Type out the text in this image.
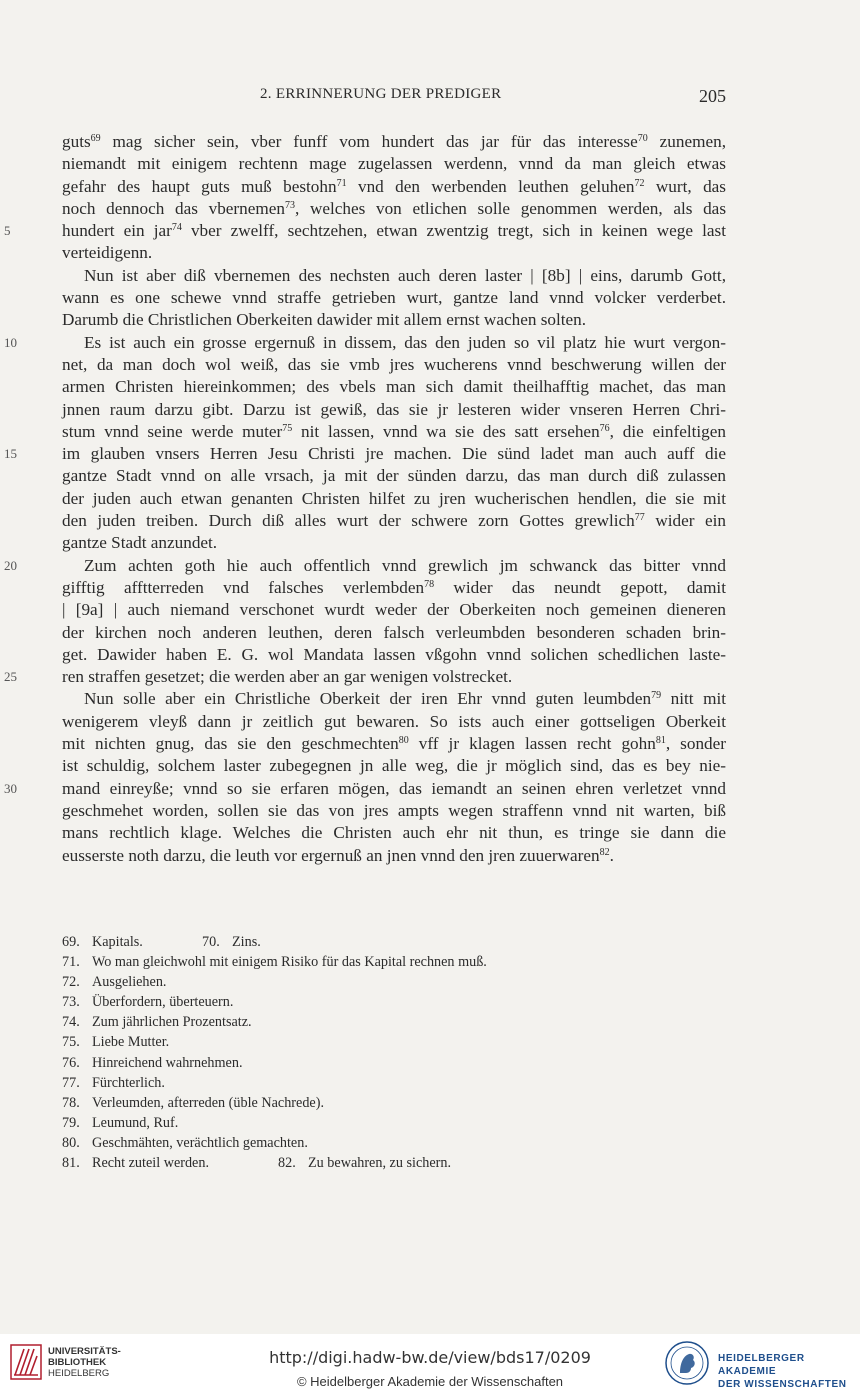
2. ERRINNERUNG DER PREDIGER	205
guts$^{69}$ mag sicher sein, vber funff vom hundert das jar für das interesse$^{70}$ zunemen,
niemandt mit einigem rechtenn mage zugelassen werdenn, vnnd da man gleich etwas
gefahr des haupt guts muß bestohn$^{71}$ vnd den werbenden leuthen geluhen$^{72}$ wurt, das
noch dennoch das vbernemen$^{73}$, welches von etlichen solle genommen werden, als das
5	hundert ein jar$^{74}$ vber zwelff, sechtzehen, etwan zwentzig tregt, sich in keinen wege last
verteidigenn.
Nun ist aber diß vbernemen des nechsten auch deren laster | [8b] | eins, darumb Gott,
wann es one schewe vnnd straffe getrieben wurt, gantze land vnnd volcker verderbet.
Darumb die Christlichen Oberkeiten dawider mit allem ernst wachen solten.
10	Es ist auch ein grosse ergernuß in dissem, das den juden so vil platz hie wurt vergon-
net, da man doch wol weiß, das sie vmb jres wucherens vnnd beschwerung willen der
armen Christen hiereinkommen; des vbels man sich damit theilhafftig machet, das man
jnnen raum darzu gibt. Darzu ist gewiß, das sie jr lesteren wider vnseren Herren Chri-
stum vnnd seine werde muter$^{75}$ nit lassen, vnnd wa sie des satt ersehen$^{76}$, die einfeltigen
15	im glauben vnsers Herren Jesu Christi jre machen. Die sünd ladet man auch auff die
gantze Stadt vnnd on alle vrsach, ja mit der sünden darzu, das man durch diß zulassen
der juden auch etwan genanten Christen hilfet zu jren wucherischen hendlen, die sie mit
den juden treiben. Durch diß alles wurt der schwere zorn Gottes grewlich$^{77}$ wider ein
gantze Stadt anzundet.
20	Zum achten goth hie auch offentlich vnnd grewlich jm schwanck das bitter vnnd
gifftig afftterreden vnd falsches verlembden$^{78}$ wider das neundt gepott, damit
| [9a] | auch niemand verschonet wurdt weder der Oberkeiten noch gemeinen dieneren
der kirchen noch anderen leuthen, deren falsch verleumbden besonderen schaden brin-
get. Dawider haben E. G. wol Mandata lassen vßgohn vnnd solichen schedlichen laste-
25	ren straffen gesetzet; die werden aber an gar wenigen volstrecket.
Nun solle aber ein Christliche Oberkeit der iren Ehr vnnd guten leumbden$^{79}$ nitt mit
wenigerem vleyß dann jr zeitlich gut bewaren. So ists auch einer gottseligen Oberkeit
mit nichten gnug, das sie den geschmechten$^{80}$ vff jr klagen lassen recht gohn$^{81}$, sonder
ist schuldig, solchem laster zubegegnen jn alle weg, die jr möglich sind, das es bey nie-
30	mand einreyße; vnnd so sie erfaren mögen, das iemandt an seinen ehren verletzet vnnd
geschmehet worden, sollen sie das von jres ampts wegen straffenn vnnd nit warten, biß
mans rechtlich klage. Welches die Christen auch ehr nit thun, es tringe sie dann die
eusserste noth darzu, die leuth vor ergernuß an jnen vnnd den jren zuuerwaren$^{82}$.
69. Kapitals.	70. Zins.
71. Wo man gleichwohl mit einigem Risiko für das Kapital rechnen muß.
72. Ausgeliehen.
73. Überfordern, überteuern.
74. Zum jährlichen Prozentsatz.
75. Liebe Mutter.
76. Hinreichend wahrnehmen.
77. Fürchterlich.
78. Verleumden, afterreden (üble Nachrede).
79. Leumund, Ruf.
80. Geschmähten, verächtlich gemachten.
81. Recht zuteil werden.	82. Zu bewahren, zu sichern.
UNIVERSITÄTS-
BIBLIOTHEK
HEIDELBERG
http://digi.hadw-bw.de/view/bds17/0209
© Heidelberger Akademie der Wissenschaften
HEIDELBERGER AKADEMIE
DER WISSENSCHAFTEN
